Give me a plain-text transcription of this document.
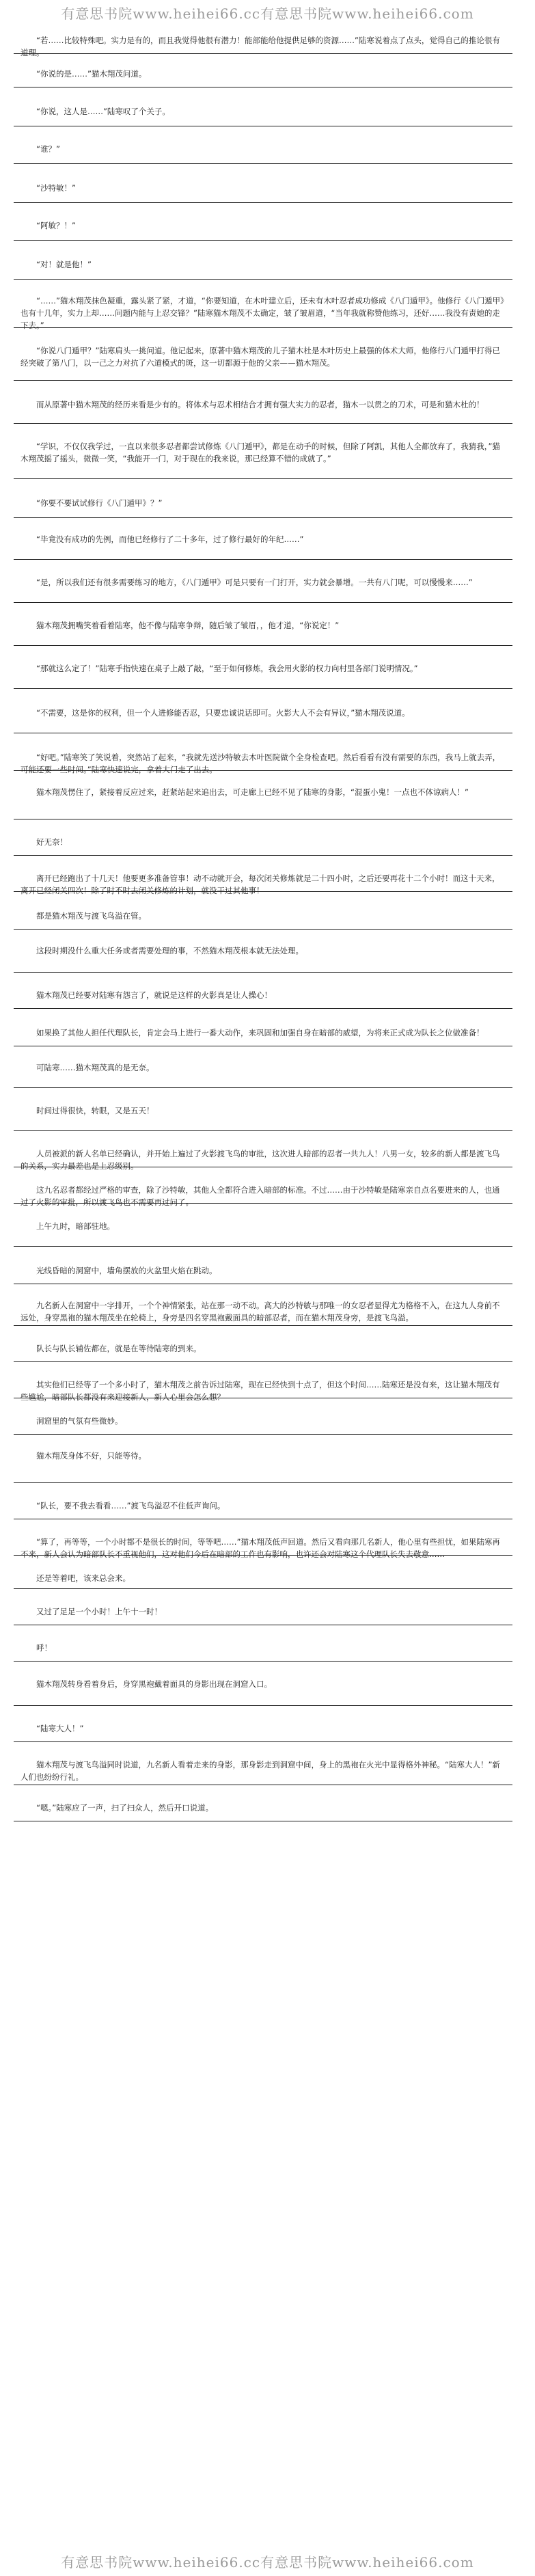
有意思书院www.heihei66.cc有意思书院www.heihei66.com

“若……比较特殊吧。实力是有的，而且我觉得他很有潜力！能部能给他提供足够的资源……”陆寒说着点了点头，觉得自己的推论很有道理。

“你说的是……”猫木翔茂问道。

“你说，这人是……”陆寒叹了个关子。

“谁？”

“沙特敏！”

“阿敏？！”

“对！就是他！”

“……”猫木翔茂抹色凝重，露头紧了紧，才道，“你要知道，在木叶建立后，还未有木叶忍者成功修成《八门遁甲》。他修行《八门遁甲》也有十几年，实力上却……问题内能与上忍交锋？”陆寒猫木翔茂不太确定，皱了皱眉道，“当年我就称赞他练习，还好……我没有责她的走下去。”

“你说八门遁甲？”陆寒肩头一挑问道。他记起来，原著中猫木翔茂的儿子猫木杜是木叶历史上最强的体术大师，他修行八门遁甲打得已经突破了第八门，以一己之力对抗了六道模式的斑，这一切都源于他的父亲——猫木翔茂。

而从原著中猫木翔茂的经历来看是少有的。将体术与忍术相结合才拥有强大实力的忍者，猫木一以贯之的刀术，可是和猫木杜的！

“学识，不仅仅我学过，一直以来很多忍者都尝试修炼《八门遁甲》，都是在动手的时候，但除了阿凯，其他人全都放弃了，我猜我，”猫木翔茂摇了摇头，微微一笑，“我能开一门，对于现在的我来说，那已经算不错的成就了。”

“你要不要试试修行《八门遁甲》？”

“毕竟没有成功的先例，而他已经修行了二十多年，过了修行最好的年纪……”

“是，所以我们还有很多需要练习的地方，《八门遁甲》可是只要有一门打开，实力就会暴增。一共有八门呢，可以慢慢来……”

猫木翔茂拥嘴笑着看着陆寒，他不像与陆寒争辩，随后皱了皱眉，，他才道，“你说定！”

“那就这么定了！”陆寒手指快速在桌子上敲了敲，“至于如何修炼，我会用火影的权力向村里各部门说明情况。”

“不需要，这是你的权利，但一个人进修能否忍，只要忠诚说话即可。火影大人不会有异议，”猫木翔茂说道。

“好吧。”陆寒笑了笑说着，突然站了起来，“我就先送沙特敏去木叶医院做个全身检查吧。然后看看有没有需要的东西，我马上就去弄，可能还要一些时间。”陆寒快速说完，拿着大门走了出去。

猫木翔茂愣住了，紧接着反应过来，赶紧站起来追出去，可走廊上已经不见了陆寒的身影，“混蛋小鬼！一点也不体谅病人！”

好无奈！

离开已经跑出了十几天！他要更多准备管事！动不动就开会，每次闭关修炼就是二十四小时，之后还要再花十二个小时！而这十天来，离开已经闭关四次！除了时不时去闭关修炼的计划，就没干过其他事！

都是猫木翔茂与渡飞鸟溢在管。

这段时期没什么重大任务或者需要处理的事，不然猫木翔茂根本就无法处理。

猫木翔茂已经要对陆寒有怨言了，就说是这样的火影真是让人操心！

如果换了其他人担任代理队长，肯定会马上进行一番大动作，来巩固和加强自身在暗部的威望，为将来正式成为队长之位做准备！

可陆寒……猫木翔茂真的是无奈。

时间过得很快，转眼，又是五天！

人员被派的新人名单已经确认，并开始上遍过了火影渡飞鸟的审批，这次进人暗部的忍者一共九人！八男一女，较多的新人都是渡飞鸟的关系，实力最差也是上忍级别。

这九名忍者都经过严格的审查，除了沙特敏，其他人全都符合进入暗部的标准。不过……由于沙特敏是陆寒亲自点名要进来的人，也通过了火影的审批，所以渡飞鸟也不需要再过问了。

上午九时，暗部驻地。

光线昏暗的洞窟中，墙角摆放的火盆里火焰在跳动。

九名新人在洞窟中一字排开，一个个神情紧张，站在那一动不动。高大的沙特敏与那唯一的女忍者显得尤为格格不入，在这九人身前不远处，身穿黑袍的猫木翔茂坐在轮椅上，身旁是四名穿黑袍戴面具的暗部忍者，而在猫木翔茂身旁，是渡飞鸟溢。

队长与队长辅佐都在，就是在等待陆寒的到来。

其实他们已经等了一个多小时了，猫木翔茂之前告诉过陆寒，现在已经快到十点了，但这个时间……陆寒还是没有来，这让猫木翔茂有些尴尬，暗部队长都没有来迎接新人，新人心里会怎么想？

洞窟里的气氛有些微妙。

猫木翔茂身体不好，只能等待。

“队长，要不我去看看……”渡飞鸟溢忍不住低声询问。

“算了，再等等，一个小时都不是很长的时间，等等吧……”猫木翔茂低声回道。然后又看向那几名新人，他心里有些担忧，如果陆寒再不来，新人会认为暗部队长不重视他们，这对他们今后在暗部的工作也有影响，也许还会对陆寒这个代理队长失去敬意……

还是等着吧，该来总会来。

又过了足足一个小时！上午十一时！

呼！

猫木翔茂转身看着身后，身穿黑袍戴着面具的身影出现在洞窟入口。

“陆寒大人！”

猫木翔茂与渡飞鸟溢同时说道，九名新人看着走来的身影，那身影走到洞窟中间，身上的黑袍在火光中显得格外神秘。“陆寒大人！”新人们也纷纷行礼。

“嗯。”陆寒应了一声，扫了扫众人，然后开口说道。

有意思书院www.heihei66.cc有意思书院www.heihei66.com
